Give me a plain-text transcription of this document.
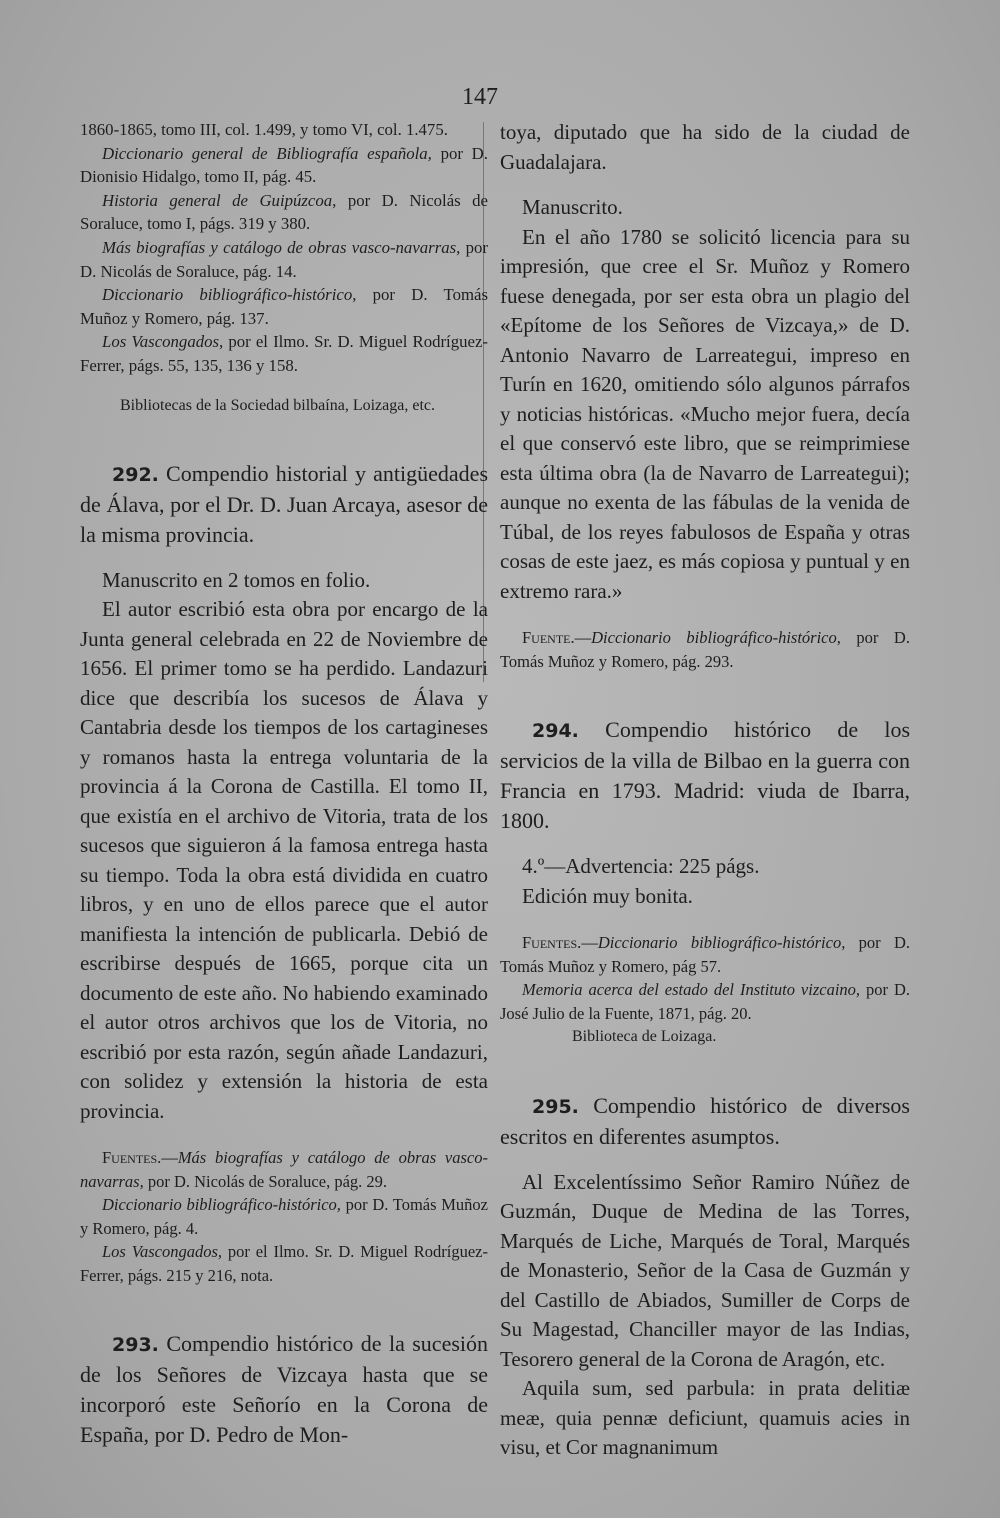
147

1860-1865, tomo III, col. 1.499, y tomo VI, col. 1.475.

Diccionario general de Bibliografía española, por D. Dionisio Hidalgo, tomo II, pág. 45.

Historia general de Guipúzcoa, por D. Nicolás de Soraluce, tomo I, págs. 319 y 380.

Más biografías y catálogo de obras vasco-navarras, por D. Nicolás de Soraluce, pág. 14.

Diccionario bibliográfico-histórico, por D. Tomás Muñoz y Romero, pág. 137.

Los Vascongados, por el Ilmo. Sr. D. Miguel Rodríguez-Ferrer, págs. 55, 135, 136 y 158.

Bibliotecas de la Sociedad bilbaína, Loizaga, etc.

292. Compendio historial y antigüedades de Álava, por el Dr. D. Juan Arcaya, asesor de la misma provincia.

Manuscrito en 2 tomos en folio.

El autor escribió esta obra por encargo de la Junta general celebrada en 22 de Noviembre de 1656. El primer tomo se ha perdido. Landazuri dice que describía los sucesos de Álava y Cantabria desde los tiempos de los cartagineses y romanos hasta la entrega voluntaria de la provincia á la Corona de Castilla. El tomo II, que existía en el archivo de Vitoria, trata de los sucesos que siguieron á la famosa entrega hasta su tiempo. Toda la obra está dividida en cuatro libros, y en uno de ellos parece que el autor manifiesta la intención de publicarla. Debió de escribirse después de 1665, porque cita un documento de este año. No habiendo examinado el autor otros archivos que los de Vitoria, no escribió por esta razón, según añade Landazuri, con solidez y extensión la historia de esta provincia.

Fuentes.—Más biografías y catálogo de obras vasco-navarras, por D. Nicolás de Soraluce, pág. 29.

Diccionario bibliográfico-histórico, por D. Tomás Muñoz y Romero, pág. 4.

Los Vascongados, por el Ilmo. Sr. D. Miguel Rodríguez-Ferrer, págs. 215 y 216, nota.

293. Compendio histórico de la sucesión de los Señores de Vizcaya hasta que se incorporó este Señorío en la Corona de España, por D. Pedro de Mon-

toya, diputado que ha sido de la ciudad de Guadalajara.

Manuscrito.

En el año 1780 se solicitó licencia para su impresión, que cree el Sr. Muñoz y Romero fuese denegada, por ser esta obra un plagio del «Epítome de los Señores de Vizcaya,» de D. Antonio Navarro de Larreategui, impreso en Turín en 1620, omitiendo sólo algunos párrafos y noticias históricas. «Mucho mejor fuera, decía el que conservó este libro, que se reimprimiese esta última obra (la de Navarro de Larreategui); aunque no exenta de las fábulas de la venida de Túbal, de los reyes fabulosos de España y otras cosas de este jaez, es más copiosa y puntual y en extremo rara.»

Fuente.—Diccionario bibliográfico-histórico, por D. Tomás Muñoz y Romero, pág. 293.

294. Compendio histórico de los servicios de la villa de Bilbao en la guerra con Francia en 1793. Madrid: viuda de Ibarra, 1800.

4.º—Advertencia: 225 págs.

Edición muy bonita.

Fuentes.—Diccionario bibliográfico-histórico, por D. Tomás Muñoz y Romero, pág 57.

Memoria acerca del estado del Instituto vizcaino, por D. José Julio de la Fuente, 1871, pág. 20.

Biblioteca de Loizaga.

295. Compendio histórico de diversos escritos en diferentes asumptos.

Al Excelentíssimo Señor Ramiro Núñez de Guzmán, Duque de Medina de las Torres, Marqués de Liche, Marqués de Toral, Marqués de Monasterio, Señor de la Casa de Guzmán y del Castillo de Abiados, Sumiller de Corps de Su Magestad, Chanciller mayor de las Indias, Tesorero general de la Corona de Aragón, etc.

Aquila sum, sed parbula: in prata delitiæ meæ, quia pennæ deficiunt, quamuis acies in visu, et Cor magnanimum
